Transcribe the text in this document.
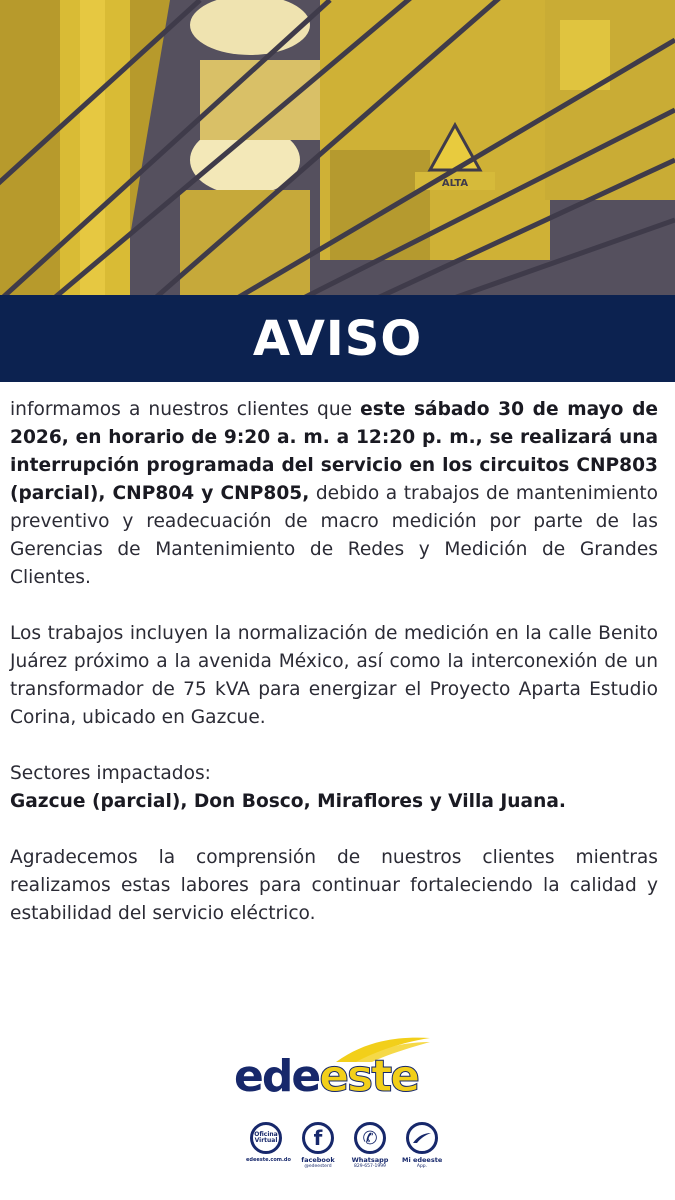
ALTA
AVISO

informamos a nuestros clientes que este sábado 30 de mayo de 2026, en horario de 9:20 a. m. a 12:20 p. m., se realizará una interrupción programada del servicio en los circuitos CNP803 (parcial), CNP804 y CNP805, debido a trabajos de mantenimiento preventivo y readecuación de macro medición por parte de las Gerencias de Mantenimiento de Redes y Medición de Grandes Clientes.

Los trabajos incluyen la normalización de medición en la calle Benito Juárez próximo a la avenida México, así como la interconexión de un transformador de 75 kVA para energizar el Proyecto Aparta Estudio Corina, ubicado en Gazcue.

Sectores impactados:
Gazcue (parcial), Don Bosco, Miraflores y Villa Juana.

Agradecemos la comprensión de nuestros clientes mientras realizamos estas labores para continuar fortaleciendo la calidad y estabilidad del servicio eléctrico.

edeeste
Oficina Virtual
edeeste.com.do
f
facebook
@edeesterd
✆
Whatsapp
829-657-1999
Mi edeeste
App.
